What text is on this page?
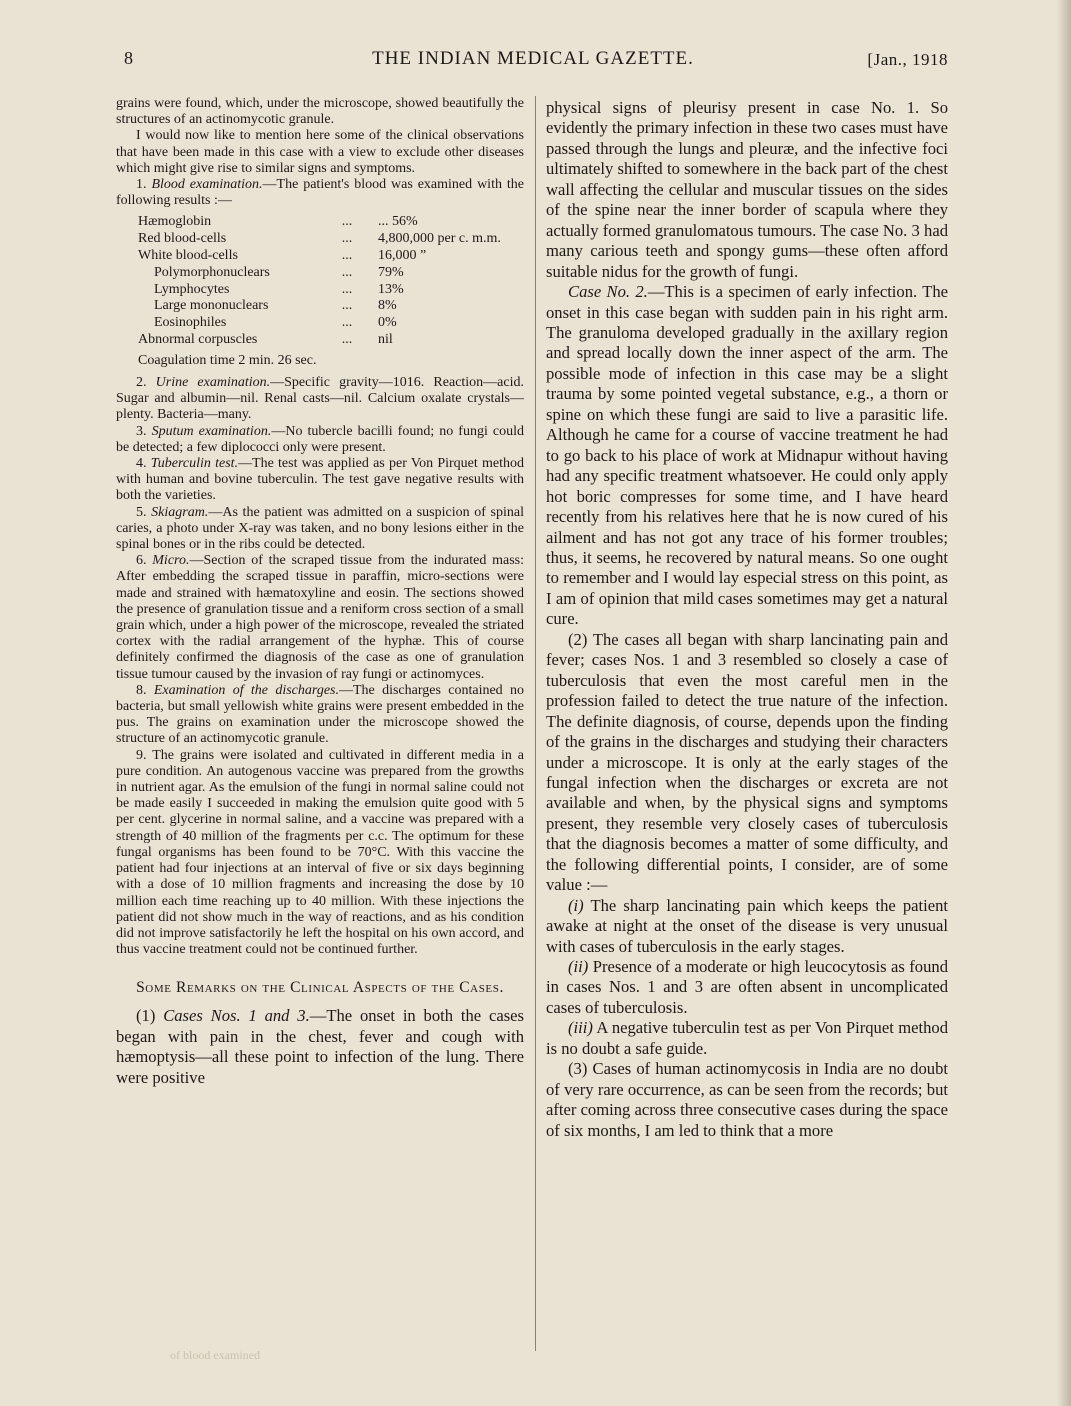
8	THE INDIAN MEDICAL GAZETTE.	[Jan., 1918

grains were found, which, under the microscope, showed beautifully the structures of an actinomycotic granule.

I would now like to mention here some of the clinical observations that have been made in this case with a view to exclude other diseases which might give rise to similar signs and symptoms.

1. Blood examination.—The patient's blood was examined with the following results :—

Hæmoglobin	...	... 56%
Red blood-cells	...	4,800,000 per c. m.m.
White blood-cells	...	16,000 ”
Polymorphonuclears	...	79%
Lymphocytes	...	13%
Large mononuclears	...	8%
Eosinophiles	...	0%
Abnormal corpuscles	...	nil

Coagulation time 2 min. 26 sec.

2. Urine examination.—Specific gravity—1016. Reaction—acid. Sugar and albumin—nil. Renal casts—nil. Calcium oxalate crystals—plenty. Bacteria—many.

3. Sputum examination.—No tubercle bacilli found; no fungi could be detected; a few diplococci only were present.

4. Tuberculin test.—The test was applied as per Von Pirquet method with human and bovine tuberculin. The test gave negative results with both the varieties.

5. Skiagram.—As the patient was admitted on a suspicion of spinal caries, a photo under X-ray was taken, and no bony lesions either in the spinal bones or in the ribs could be detected.

6. Micro.—Section of the scraped tissue from the indurated mass: After embedding the scraped tissue in paraffin, micro-sections were made and strained with hæmatoxyline and eosin. The sections showed the presence of granulation tissue and a reniform cross section of a small grain which, under a high power of the microscope, revealed the striated cortex with the radial arrangement of the hyphæ. This of course definitely confirmed the diagnosis of the case as one of granulation tissue tumour caused by the invasion of ray fungi or actinomyces.

8. Examination of the discharges.—The discharges contained no bacteria, but small yellowish white grains were present embedded in the pus. The grains on examination under the microscope showed the structure of an actinomycotic granule.

9. The grains were isolated and cultivated in different media in a pure condition. An autogenous vaccine was prepared from the growths in nutrient agar. As the emulsion of the fungi in normal saline could not be made easily I succeeded in making the emulsion quite good with 5 per cent. glycerine in normal saline, and a vaccine was prepared with a strength of 40 million of the fragments per c.c. The optimum for these fungal organisms has been found to be 70°C. With this vaccine the patient had four injections at an interval of five or six days beginning with a dose of 10 million fragments and increasing the dose by 10 million each time reaching up to 40 million. With these injections the patient did not show much in the way of reactions, and as his condition did not improve satisfactorily he left the hospital on his own accord, and thus vaccine treatment could not be continued further.

Some Remarks on the Clinical Aspects of the Cases.

(1) Cases Nos. 1 and 3.—The onset in both the cases began with pain in the chest, fever and cough with hæmoptysis—all these point to infection of the lung. There were positive

physical signs of pleurisy present in case No. 1. So evidently the primary infection in these two cases must have passed through the lungs and pleuræ, and the infective foci ultimately shifted to somewhere in the back part of the chest wall affecting the cellular and muscular tissues on the sides of the spine near the inner border of scapula where they actually formed granulomatous tumours. The case No. 3 had many carious teeth and spongy gums—these often afford suitable nidus for the growth of fungi.

Case No. 2.—This is a specimen of early infection. The onset in this case began with sudden pain in his right arm. The granuloma developed gradually in the axillary region and spread locally down the inner aspect of the arm. The possible mode of infection in this case may be a slight trauma by some pointed vegetal substance, e.g., a thorn or spine on which these fungi are said to live a parasitic life. Although he came for a course of vaccine treatment he had to go back to his place of work at Midnapur without having had any specific treatment whatsoever. He could only apply hot boric compresses for some time, and I have heard recently from his relatives here that he is now cured of his ailment and has not got any trace of his former troubles; thus, it seems, he recovered by natural means. So one ought to remember and I would lay especial stress on this point, as I am of opinion that mild cases sometimes may get a natural cure.

(2) The cases all began with sharp lancinating pain and fever; cases Nos. 1 and 3 resembled so closely a case of tuberculosis that even the most careful men in the profession failed to detect the true nature of the infection. The definite diagnosis, of course, depends upon the finding of the grains in the discharges and studying their characters under a microscope. It is only at the early stages of the fungal infection when the discharges or excreta are not available and when, by the physical signs and symptoms present, they resemble very closely cases of tuberculosis that the diagnosis becomes a matter of some difficulty, and the following differential points, I consider, are of some value :—

(i) The sharp lancinating pain which keeps the patient awake at night at the onset of the disease is very unusual with cases of tuberculosis in the early stages.

(ii) Presence of a moderate or high leucocytosis as found in cases Nos. 1 and 3 are often absent in uncomplicated cases of tuberculosis.

(iii) A negative tuberculin test as per Von Pirquet method is no doubt a safe guide.

(3) Cases of human actinomycosis in India are no doubt of very rare occurrence, as can be seen from the records; but after coming across three consecutive cases during the space of six months, I am led to think that a more

of blood examined
